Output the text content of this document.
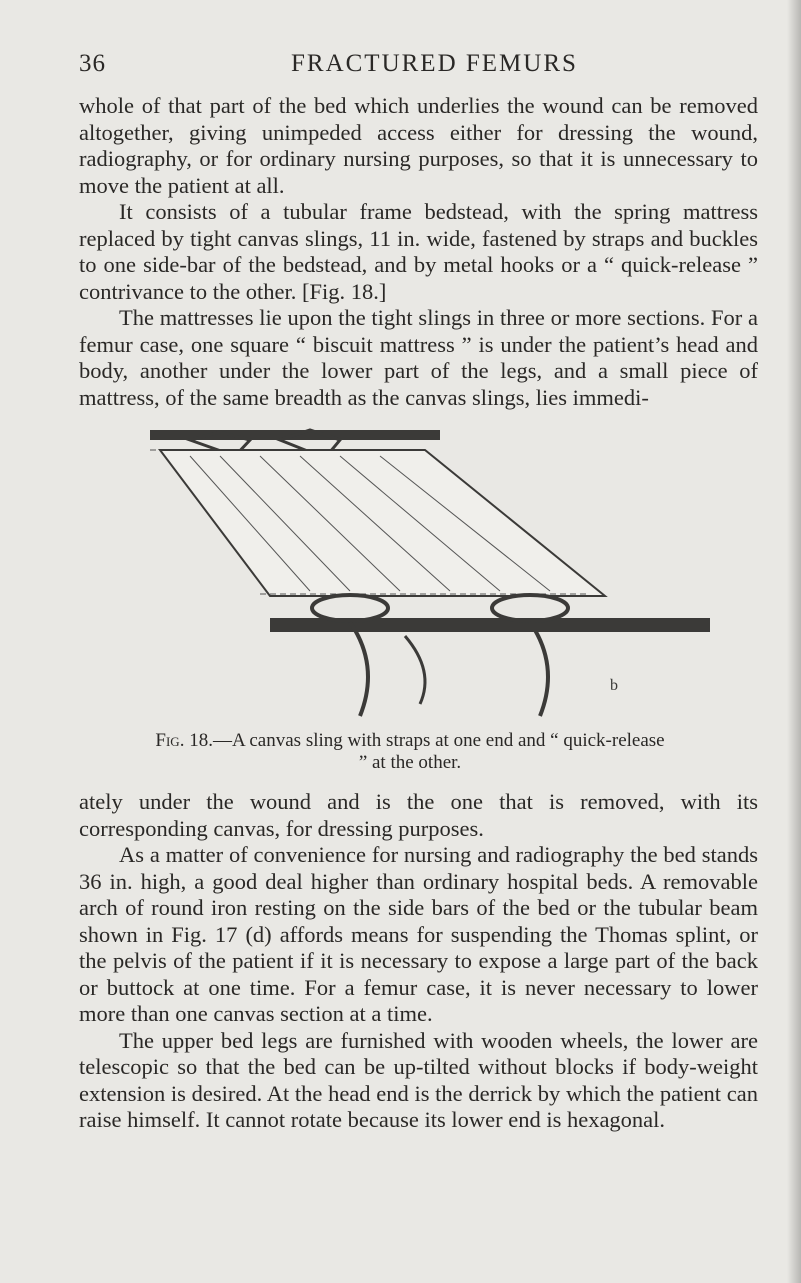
36	FRACTURED FEMURS

whole of that part of the bed which underlies the wound can be removed altogether, giving unimpeded access either for dressing the wound, radiography, or for ordinary nursing purposes, so that it is unnecessary to move the patient at all.

It consists of a tubular frame bedstead, with the spring mattress replaced by tight canvas slings, 11 in. wide, fastened by straps and buckles to one side-bar of the bedstead, and by metal hooks or a “ quick-release ” contrivance to the other. [Fig. 18.]

The mattresses lie upon the tight slings in three or more sections. For a femur case, one square “ biscuit mattress ” is under the patient’s head and body, another under the lower part of the legs, and a small piece of mattress, of the same breadth as the canvas slings, lies immedi-

b
Fig. 18.—A canvas sling with straps at one end and “ quick-release ” at the other.

ately under the wound and is the one that is removed, with its corresponding canvas, for dressing purposes.

As a matter of convenience for nursing and radiography the bed stands 36 in. high, a good deal higher than ordinary hospital beds. A removable arch of round iron resting on the side bars of the bed or the tubular beam shown in Fig. 17 (d) affords means for suspending the Thomas splint, or the pelvis of the patient if it is necessary to expose a large part of the back or buttock at one time. For a femur case, it is never necessary to lower more than one canvas section at a time.

The upper bed legs are furnished with wooden wheels, the lower are telescopic so that the bed can be up-tilted without blocks if body-weight extension is desired. At the head end is the derrick by which the patient can raise himself. It cannot rotate because its lower end is hexagonal.
